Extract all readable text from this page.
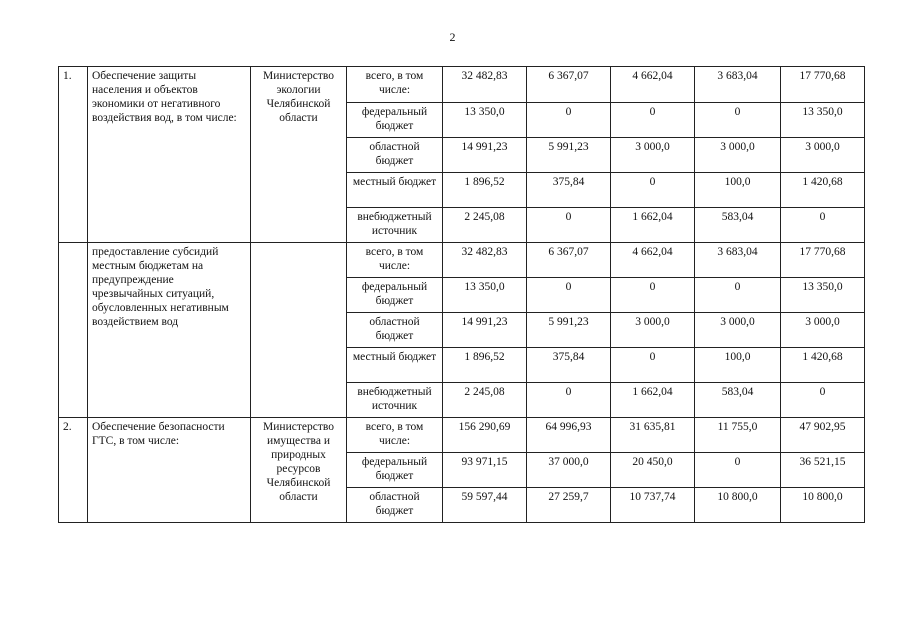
2
1.	Обеспечение защиты населения и объектов экономики от негативного воздействия вод, в том числе:	Министерство экологии Челябинской области	всего, в том числе:	32 482,83	6 367,07	4 662,04	3 683,04	17 770,68
			федеральный бюджет	13 350,0	0	0	0	13 350,0
			областной бюджет	14 991,23	5 991,23	3 000,0	3 000,0	3 000,0
			местный бюджет	1 896,52	375,84	0	100,0	1 420,68
			внебюджетный источник	2 245,08	0	1 662,04	583,04	0
	предоставление субсидий местным бюджетам на предупреждение чрезвычайных ситуаций, обусловленных негативным воздействием вод		всего, в том числе:	32 482,83	6 367,07	4 662,04	3 683,04	17 770,68
			федеральный бюджет	13 350,0	0	0	0	13 350,0
			областной бюджет	14 991,23	5 991,23	3 000,0	3 000,0	3 000,0
			местный бюджет	1 896,52	375,84	0	100,0	1 420,68
			внебюджетный источник	2 245,08	0	1 662,04	583,04	0
2.	Обеспечение безопасности ГТС, в том числе:	Министерство имущества и природных ресурсов Челябинской области	всего, в том числе:	156 290,69	64 996,93	31 635,81	11 755,0	47 902,95
			федеральный бюджет	93 971,15	37 000,0	20 450,0	0	36 521,15
			областной бюджет	59 597,44	27 259,7	10 737,74	10 800,0	10 800,0
